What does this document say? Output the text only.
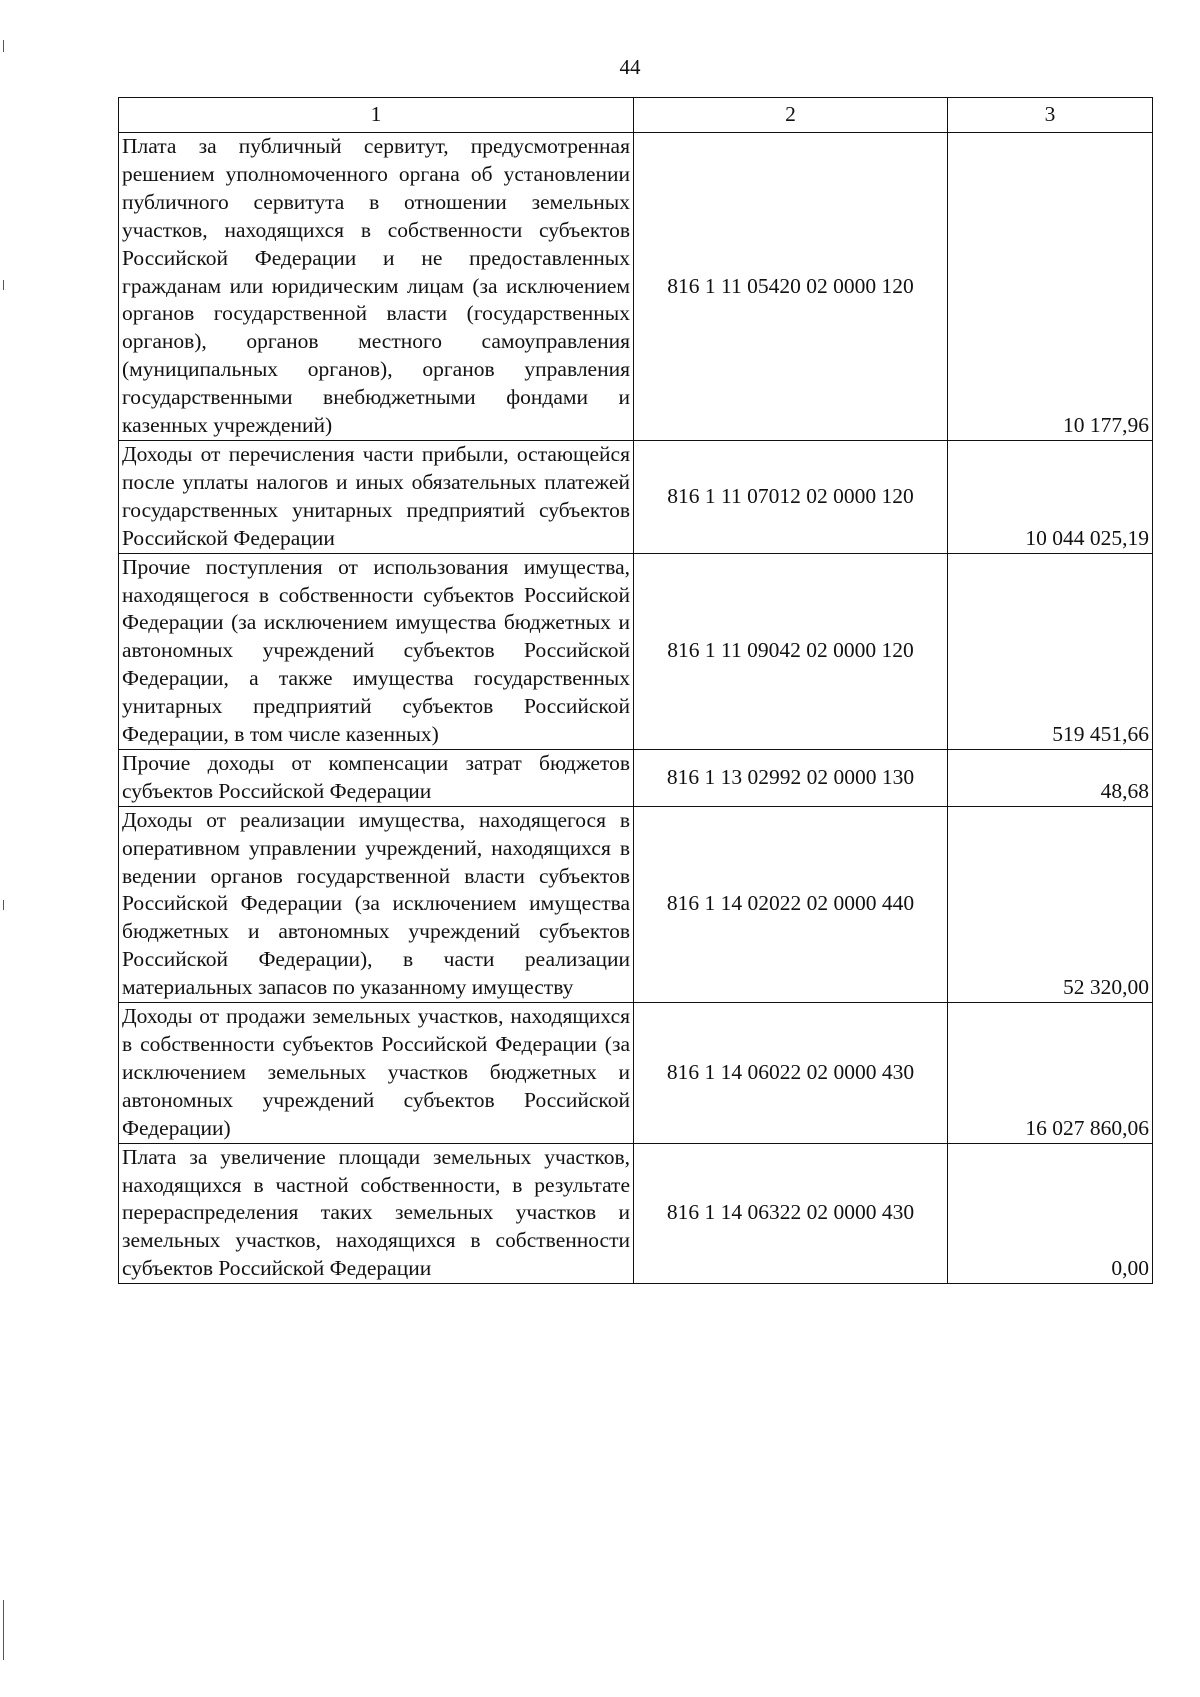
44
1	2	3
Плата за публичный сервитут, предусмотренная решением уполномоченного органа об установлении публичного сервитута в отношении земельных участков, находящихся в собственности субъектов Российской Федерации и не предоставленных гражданам или юридическим лицам (за исключением органов государственной власти (государственных органов), органов местного самоуправления (муниципальных органов), органов управления государственными внебюджетными фондами и казенных учреждений)	816 1 11 05420 02 0000 120	10 177,96
Доходы от перечисления части прибыли, остающейся после уплаты налогов и иных обязательных платежей государственных унитарных предприятий субъектов Российской Федерации	816 1 11 07012 02 0000 120	10 044 025,19
Прочие поступления от использования имущества, находящегося в собственности субъектов Российской Федерации (за исключением имущества бюджетных и автономных учреждений субъектов Российской Федерации, а также имущества государственных унитарных предприятий субъектов Российской Федерации, в том числе казенных)	816 1 11 09042 02 0000 120	519 451,66
Прочие доходы от компенсации затрат бюджетов субъектов Российской Федерации	816 1 13 02992 02 0000 130	48,68
Доходы от реализации имущества, находящегося в оперативном управлении учреждений, находящихся в ведении органов государственной власти субъектов Российской Федерации (за исключением имущества бюджетных и автономных учреждений субъектов Российской Федерации), в части реализации материальных запасов по указанному имуществу	816 1 14 02022 02 0000 440	52 320,00
Доходы от продажи земельных участков, находящихся в собственности субъектов Российской Федерации (за исключением земельных участков бюджетных и автономных учреждений субъектов Российской Федерации)	816 1 14 06022 02 0000 430	16 027 860,06
Плата за увеличение площади земельных участков, находящихся в частной собственности, в результате перераспределения таких земельных участков и земельных участков, находящихся в собственности субъектов Российской Федерации	816 1 14 06322 02 0000 430	0,00
